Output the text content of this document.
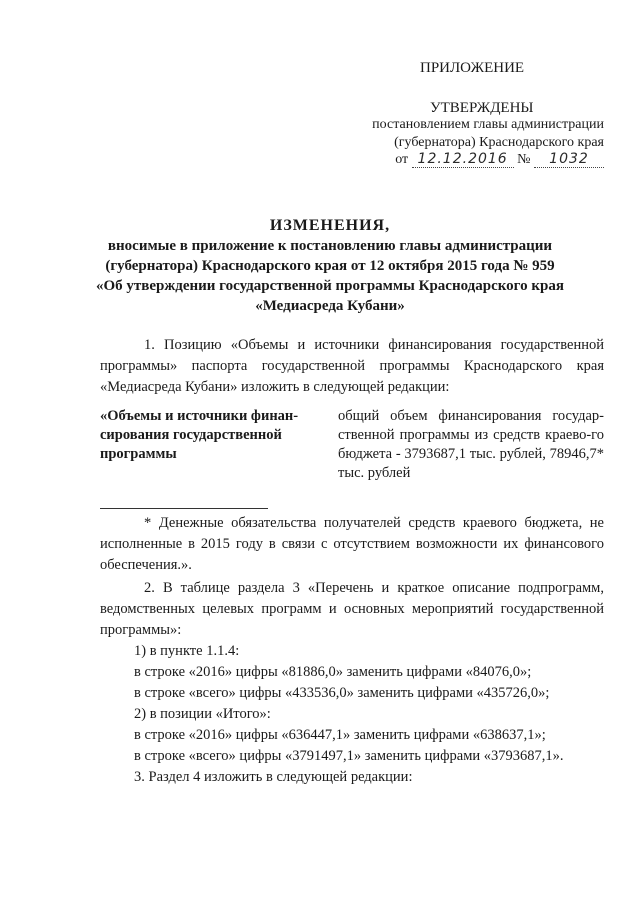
ПРИЛОЖЕНИЕ
УТВЕРЖДЕНЫ
постановлением главы администрации
(губернатора) Краснодарского края
от 12.12.2016 № 1032
ИЗМЕНЕНИЯ,
вносимые в приложение к постановлению главы администрации
(губернатора) Краснодарского края от 12 октября 2015 года № 959
«Об утверждении государственной программы Краснодарского края
«Медиасреда Кубани»
1. Позицию «Объемы и источники финансирования государственной программы» паспорта государственной программы Краснодарского края «Медиасреда Кубани» изложить в следующей редакции:
«Объемы и источники финан-сирования государственной программы
общий объем финансирования государ-ственной программы из средств краево-го бюджета - 3793687,1 тыс. рублей, 78946,7* тыс. рублей
* Денежные обязательства получателей средств краевого бюджета, не исполненные в 2015 году в связи с отсутствием возможности их финансового обеспечения.».
2. В таблице раздела 3 «Перечень и краткое описание подпрограмм, ведомственных целевых программ и основных мероприятий государственной программы»:
1) в пункте 1.1.4:
в строке «2016» цифры «81886,0» заменить цифрами «84076,0»;
в строке «всего» цифры «433536,0» заменить цифрами «435726,0»;
2) в позиции «Итого»:
в строке «2016» цифры «636447,1» заменить цифрами «638637,1»;
в строке «всего» цифры «3791497,1» заменить цифрами «3793687,1».
3. Раздел 4 изложить в следующей редакции:
